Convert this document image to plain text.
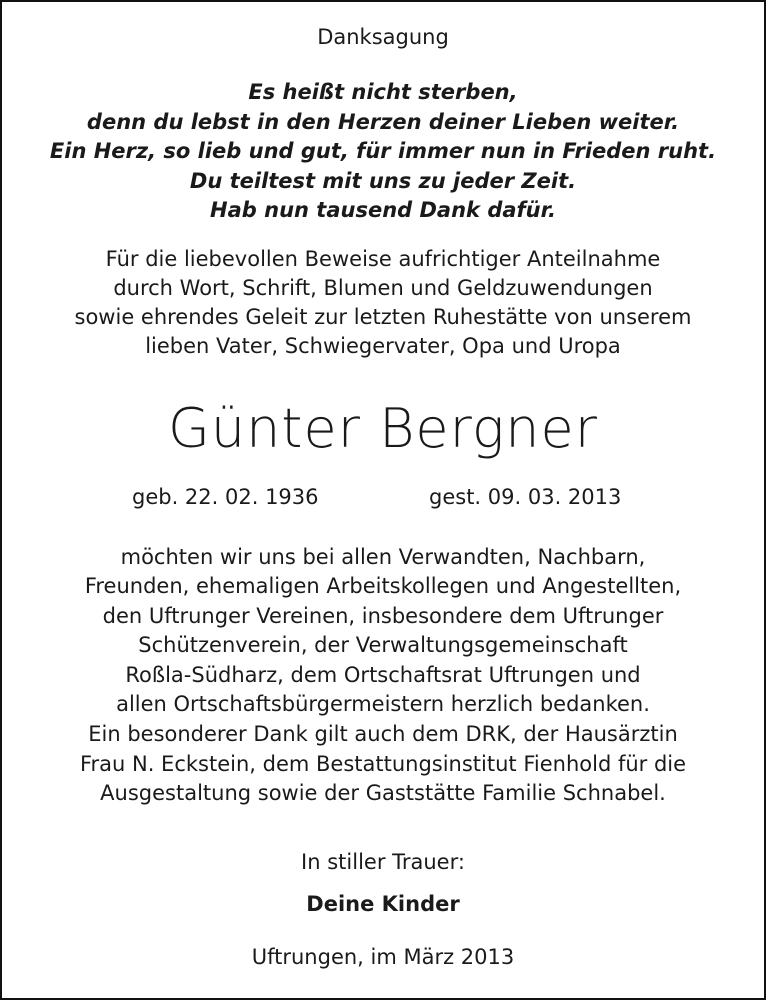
Danksagung
Es heißt nicht sterben,
denn du lebst in den Herzen deiner Lieben weiter.
Ein Herz, so lieb und gut, für immer nun in Frieden ruht.
Du teiltest mit uns zu jeder Zeit.
Hab nun tausend Dank dafür.
Für die liebevollen Beweise aufrichtiger Anteilnahme
durch Wort, Schrift, Blumen und Geldzuwendungen
sowie ehrendes Geleit zur letzten Ruhestätte von unserem
lieben Vater, Schwiegervater, Opa und Uropa
Günter Bergner
geb. 22. 02. 1936	gest. 09. 03. 2013
möchten wir uns bei allen Verwandten, Nachbarn,
Freunden, ehemaligen Arbeitskollegen und Angestellten,
den Uftrunger Vereinen, insbesondere dem Uftrunger
Schützenverein, der Verwaltungsgemeinschaft
Roßla-Südharz, dem Ortschaftsrat Uftrungen und
allen Ortschaftsbürgermeistern herzlich bedanken.
Ein besonderer Dank gilt auch dem DRK, der Hausärztin
Frau N. Eckstein, dem Bestattungsinstitut Fienhold für die
Ausgestaltung sowie der Gaststätte Familie Schnabel.
In stiller Trauer:
Deine Kinder
Uftrungen, im März 2013
